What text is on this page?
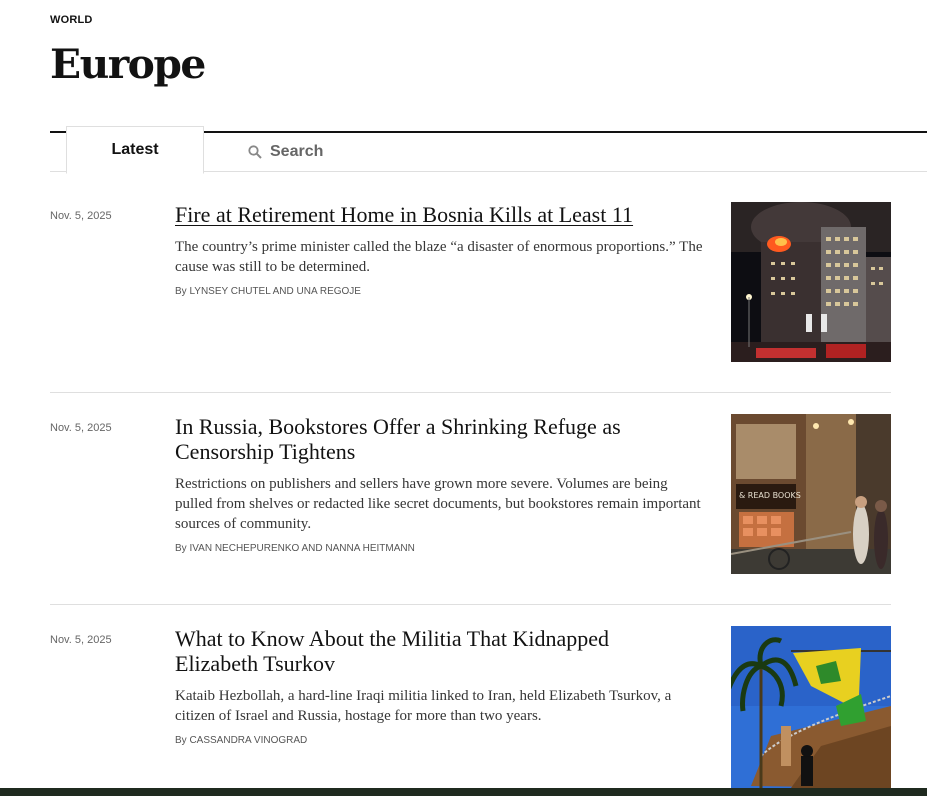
WORLD
Europe
Latest	Search
Nov. 5, 2025	Fire at Retirement Home in Bosnia Kills at Least 11
The country’s prime minister called the blaze “a disaster of enormous proportions.” The cause was still to be determined.
By LYNSEY CHUTEL AND UNA REGOJE
Nov. 5, 2025	In Russia, Bookstores Offer a Shrinking Refuge as Censorship Tightens
Restrictions on publishers and sellers have grown more severe. Volumes are being pulled from shelves or redacted like secret documents, but bookstores remain important sources of community.
By IVAN NECHEPURENKO AND NANNA HEITMANN
& READ BOOKS
Nov. 5, 2025	What to Know About the Militia That Kidnapped Elizabeth Tsurkov
Kataib Hezbollah, a hard-line Iraqi militia linked to Iran, held Elizabeth Tsurkov, a citizen of Israel and Russia, hostage for more than two years.
By CASSANDRA VINOGRAD
